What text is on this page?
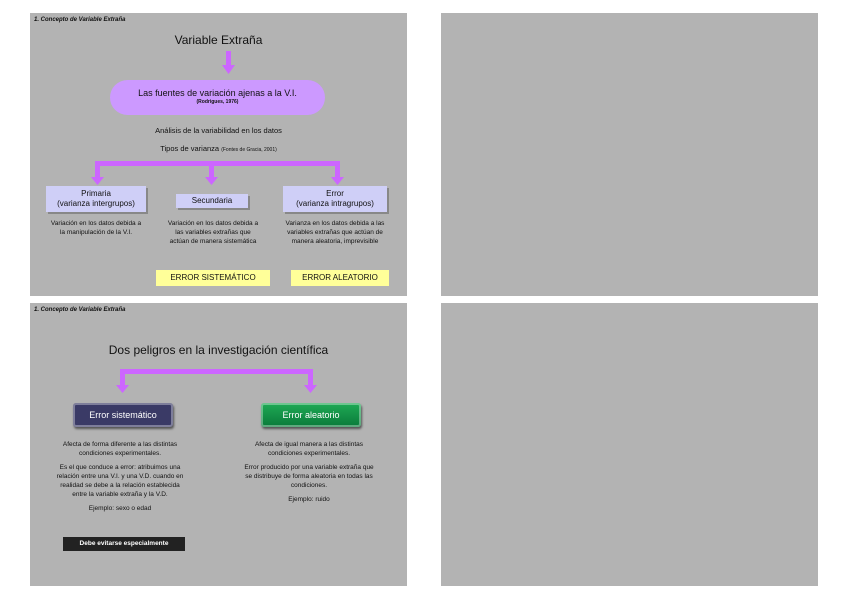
1. Concepto de Variable Extraña
Variable Extraña
Las fuentes de variación ajenas a la V.I.
(Rodrigues, 1976)
Análisis de la variabilidad en los datos
Tipos de varianza (Fontes de Gracia, 2001)
Primaria
(varianza intergrupos)	Secundaria
Error
(varianza intragrupos)
Variación en los datos debida a la manipulación de la V.I.
Variación en los datos debida a las variables extrañas que actúan de manera sistemática
Varianza en los datos debida a las variables extrañas que actúan de manera aleatoria, imprevisible
ERROR SISTEMÁTICO	ERROR ALEATORIO
1. Concepto de Variable Extraña
Dos peligros en la investigación científica
Error sistemático	Error aleatorio
Afecta de forma diferente a las distintas condiciones experimentales.
Es el que conduce a error: atribuimos una relación entre una V.I. y una V.D. cuando en realidad se debe a la relación establecida entre la variable extraña y la V.D.
Ejemplo: sexo o edad
Debe evitarse especialmente
Afecta de igual manera a las distintas condiciones experimentales.
Error producido por una variable extraña que se distribuye de forma aleatoria en todas las condiciones.
Ejemplo: ruido
